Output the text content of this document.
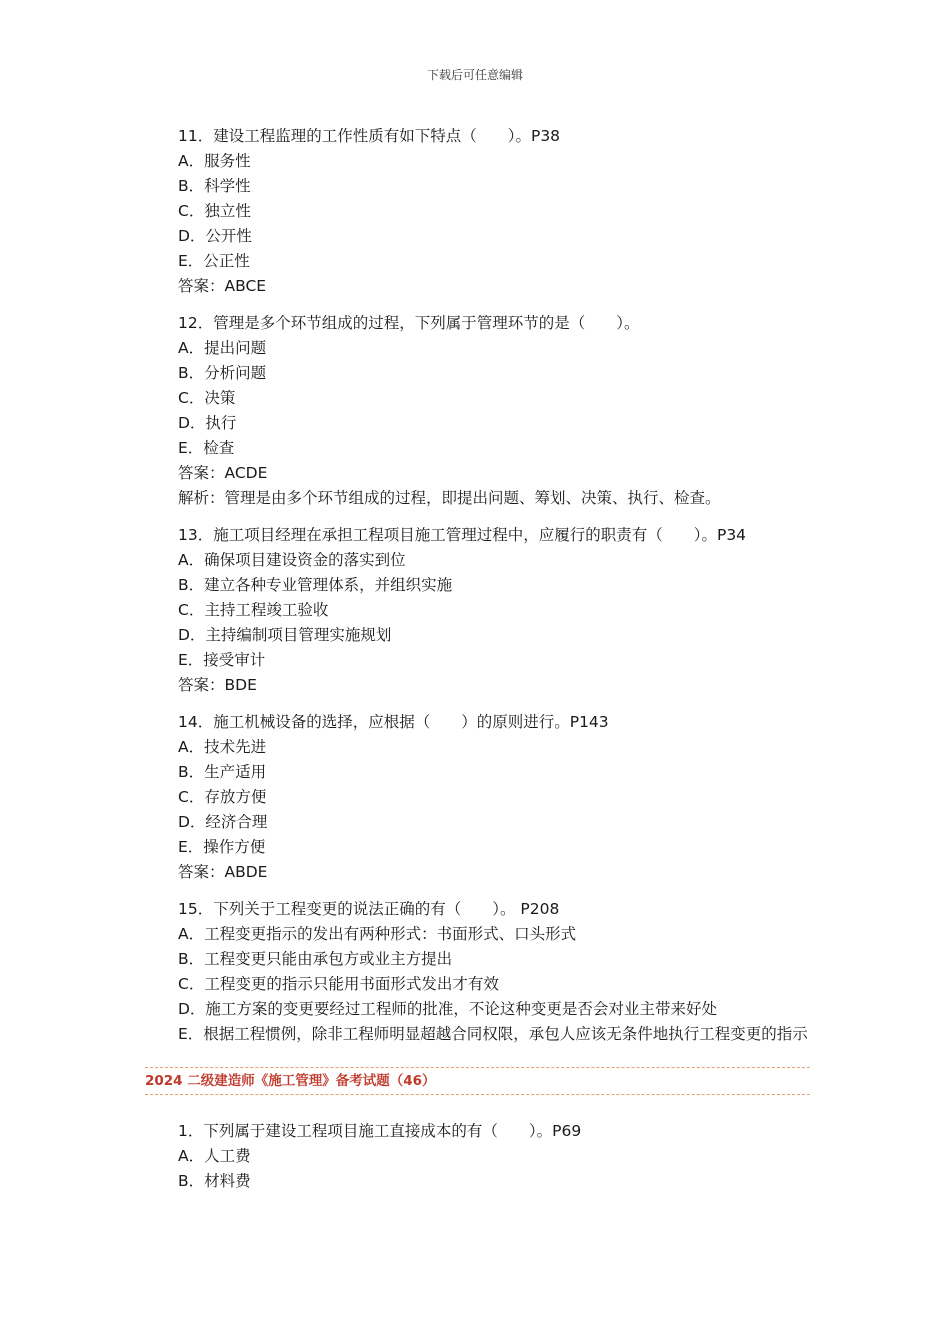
下载后可任意编辑
11．建设工程监理的工作性质有如下特点（　　）。P38
A．服务性
B．科学性
C．独立性
D．公开性
E．公正性
答案：ABCE
12．管理是多个环节组成的过程，下列属于管理环节的是（　　）。
A．提出问题
B．分析问题
C．决策
D．执行
E．检查
答案：ACDE
解析：管理是由多个环节组成的过程，即提出问题、筹划、决策、执行、检查。
13．施工项目经理在承担工程项目施工管理过程中，应履行的职责有（　　）。P34
A．确保项目建设资金的落实到位
B．建立各种专业管理体系，并组织实施
C．主持工程竣工验收
D．主持编制项目管理实施规划
E．接受审计
答案：BDE
14．施工机械设备的选择，应根据（　　）的原则进行。P143
A．技术先进
B．生产适用
C．存放方便
D．经济合理
E．操作方便
答案：ABDE
15．下列关于工程变更的说法正确的有（　　）。 P208
A．工程变更指示的发出有两种形式：书面形式、口头形式
B．工程变更只能由承包方或业主方提出
C．工程变更的指示只能用书面形式发出才有效
D．施工方案的变更要经过工程师的批准，不论这种变更是否会对业主带来好处
E．根据工程惯例，除非工程师明显超越合同权限，承包人应该无条件地执行工程变更的指示
2024 二级建造师《施工管理》备考试题（46）
1．下列属于建设工程项目施工直接成本的有（　　）。P69
A．人工费
B．材料费
